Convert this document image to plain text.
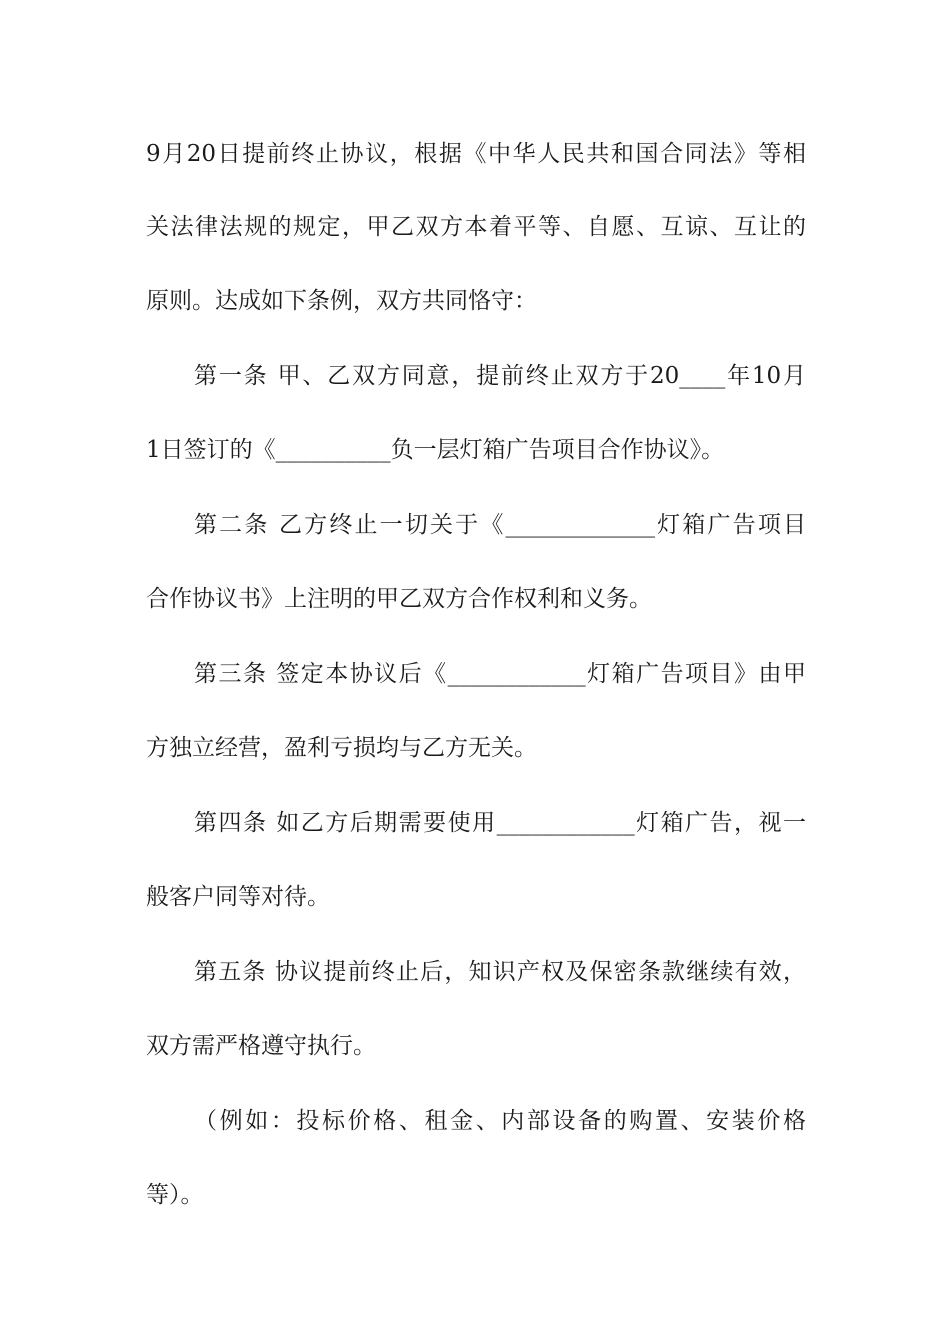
9月20日提前终止协议，根据《中华人民共和国合同法》等相
关法律法规的规定，甲乙双方本着平等、自愿、互谅、互让的
原则。达成如下条例，双方共同恪守：
第一条 甲、乙双方同意，提前终止双方于20____年10月
1日签订的《__________负一层灯箱广告项目合作协议》。
第二条 乙方终止一切关于《_____________灯箱广告项目
合作协议书》上注明的甲乙双方合作权利和义务。
第三条 签定本协议后《____________灯箱广告项目》由甲
方独立经营，盈利亏损均与乙方无关。
第四条 如乙方后期需要使用____________灯箱广告，视一
般客户同等对待。
第五条 协议提前终止后，知识产权及保密条款继续有效，
双方需严格遵守执行。
（例如：投标价格、租金、内部设备的购置、安装价格
等）。
